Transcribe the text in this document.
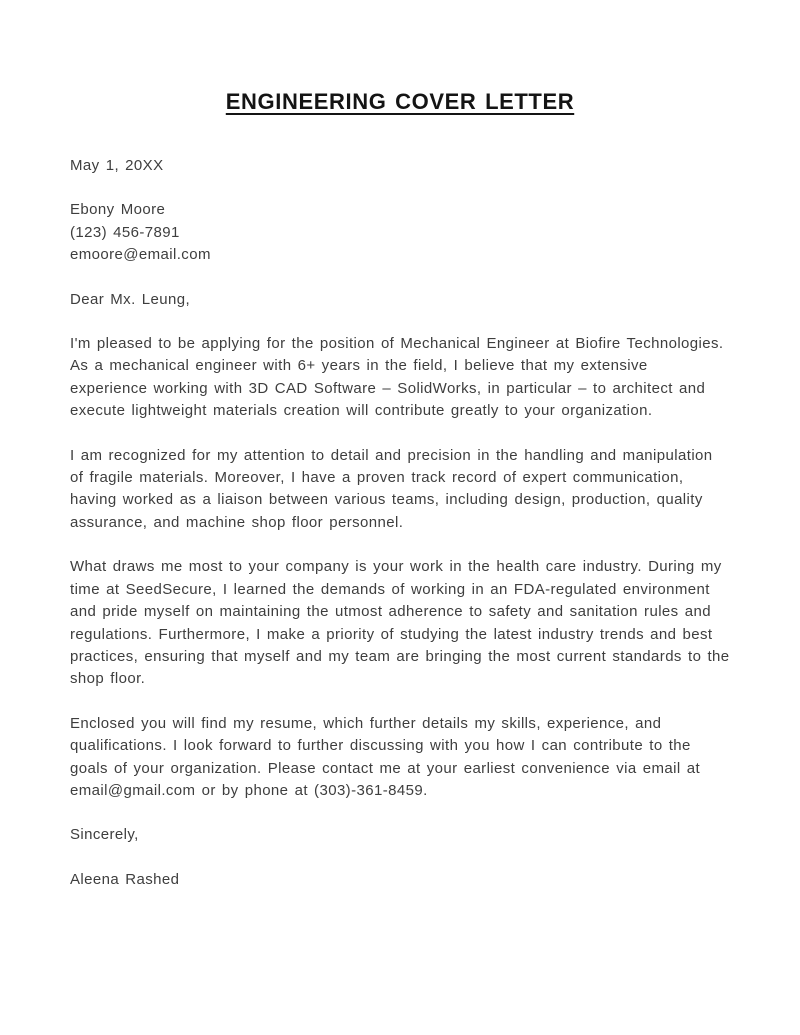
ENGINEERING COVER LETTER

May 1, 20XX

Ebony Moore

(123) 456-7891

emoore@email.com

Dear Mx. Leung,

I'm pleased to be applying for the position of Mechanical Engineer at Biofire Technologies. As a mechanical engineer with 6+ years in the field, I believe that my extensive experience working with 3D CAD Software – SolidWorks, in particular – to architect and execute lightweight materials creation will contribute greatly to your organization.

I am recognized for my attention to detail and precision in the handling and manipulation of fragile materials. Moreover, I have a proven track record of expert communication, having worked as a liaison between various teams, including design, production, quality assurance, and machine shop floor personnel.

What draws me most to your company is your work in the health care industry. During my time at SeedSecure, I learned the demands of working in an FDA-regulated environment and pride myself on maintaining the utmost adherence to safety and sanitation rules and regulations. Furthermore, I make a priority of studying the latest industry trends and best practices, ensuring that myself and my team are bringing the most current standards to the shop floor.

Enclosed you will find my resume, which further details my skills, experience, and qualifications. I look forward to further discussing with you how I can contribute to the goals of your organization. Please contact me at your earliest convenience via email at email@gmail.com or by phone at (303)-361-8459.

Sincerely,

Aleena Rashed
